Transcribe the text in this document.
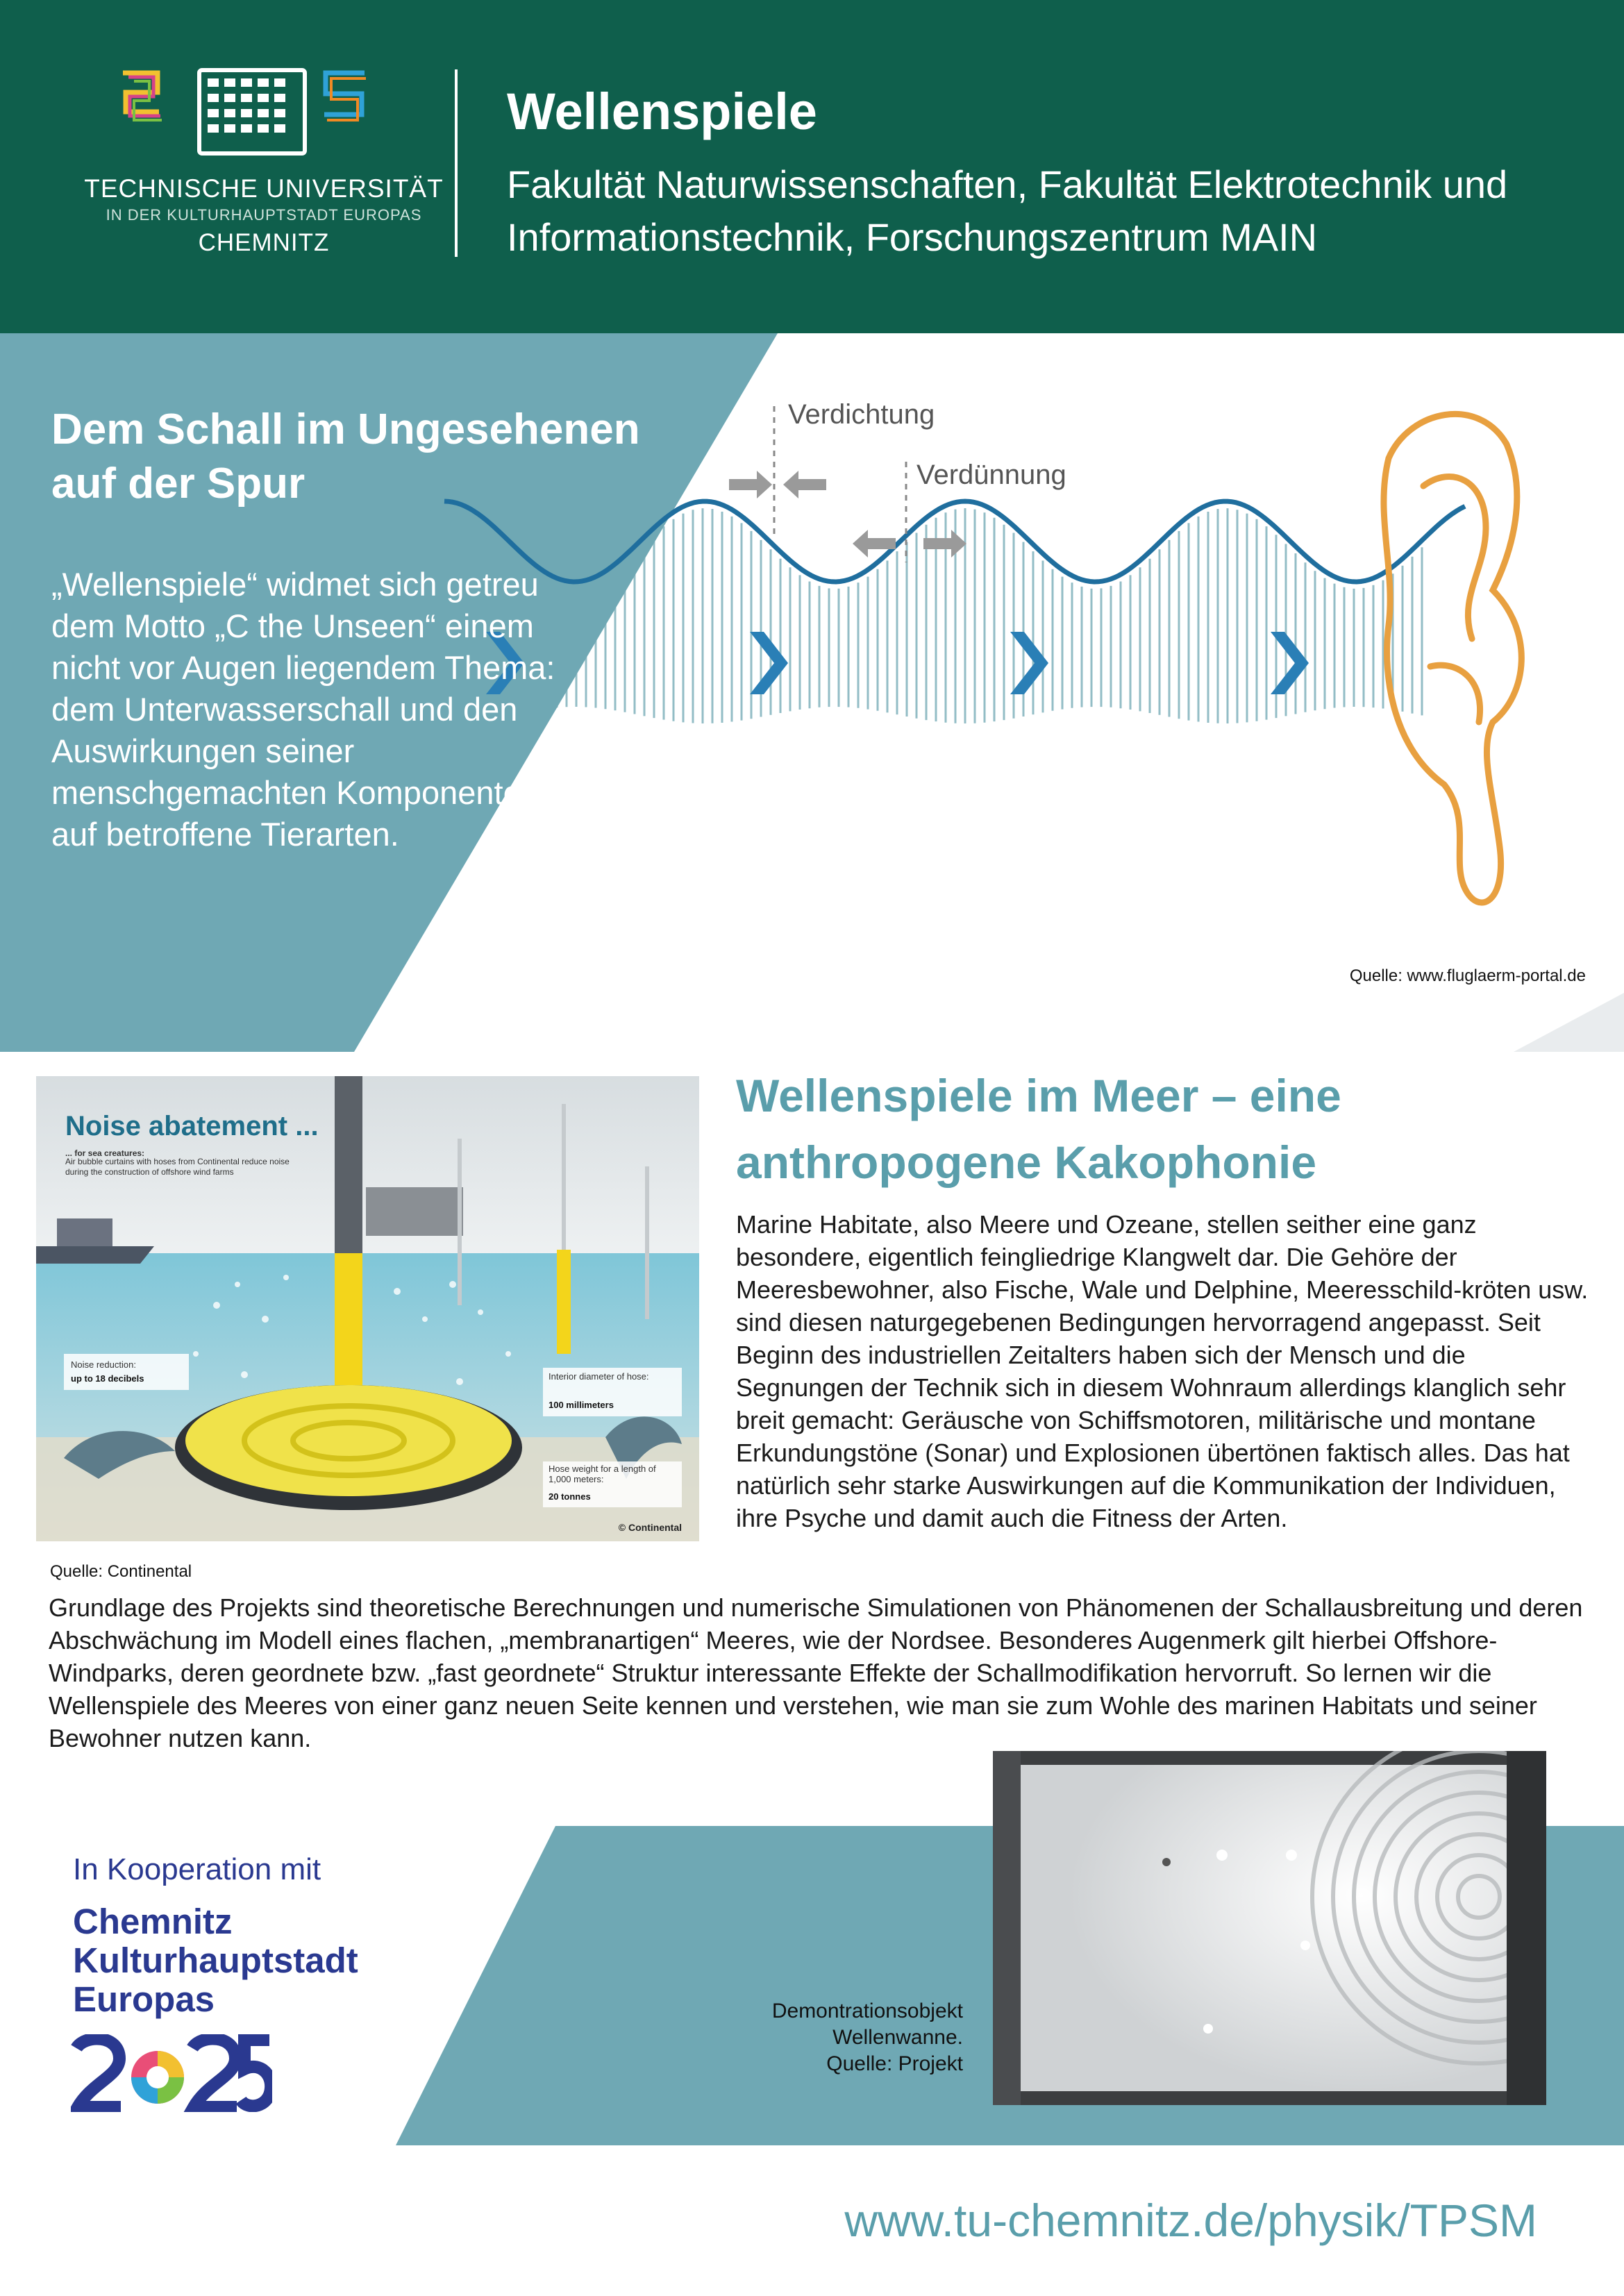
TECHNISCHE UNIVERSITÄT
IN DER KULTURHAUPTSTADT EUROPAS
CHEMNITZ
Wellenspiele
Fakultät Naturwissenschaften, Fakultät Elektrotechnik und Informationstechnik, Forschungszentrum MAIN
Verdichtung
Verdünnung
Dem Schall im Ungesehenen auf der Spur
„Wellenspiele“ widmet sich getreu dem Motto „C the Unseen“ einem nicht vor Augen liegendem Thema: dem Unterwasserschall und den Auswirkungen seiner menschgemachten Komponenten auf betroffene Tierarten.
Quelle: www.fluglaerm-portal.de
Noise abatement ...
... for sea creatures:
Air bubble curtains with hoses from Continental reduce noise during the construction of offshore wind farms
Noise reduction:
up to 18 decibels	Interior diameter of hose:
100 millimeters
Hose weight for a length of 1,000 meters:
20 tonnes
© Continental
Quelle: Continental
Wellenspiele im Meer – eine anthropogene Kakophonie
Marine Habitate, also Meere und Ozeane, stellen seither eine ganz besondere, eigentlich feingliedrige Klangwelt dar. Die Gehöre der Meeresbewohner, also Fische, Wale und Delphine, Meeresschild-kröten usw. sind diesen naturgegebenen Bedingungen hervorragend angepasst. Seit Beginn des industriellen Zeitalters haben sich der Mensch und die Segnungen der Technik sich in diesem Wohnraum allerdings klanglich sehr breit gemacht: Geräusche von Schiffsmotoren, militärische und montane Erkundungstöne (Sonar) und Explosionen übertönen faktisch alles. Das hat natürlich sehr starke Auswirkungen auf die Kommunikation der Individuen, ihre Psyche und damit auch die Fitness der Arten.
Grundlage des Projekts sind theoretische Berechnungen und numerische Simulationen von Phänomenen der Schallausbreitung und deren Abschwächung im Modell eines flachen, „membranartigen“ Meeres, wie der Nordsee. Besonderes Augenmerk gilt hierbei Offshore-Windparks, deren geordnete bzw. „fast geordnete“ Struktur interessante Effekte der Schallmodifikation hervorruft. So lernen wir die Wellenspiele des Meeres von einer ganz neuen Seite kennen und verstehen, wie man sie zum Wohle des marinen Habitats und seiner Bewohner nutzen kann.
In Kooperation mit
Chemnitz
Kulturhauptstadt
Europas	Demontrationsobjekt
Wellenwanne.
Quelle: Projekt
www.tu-chemnitz.de/physik/TPSM
